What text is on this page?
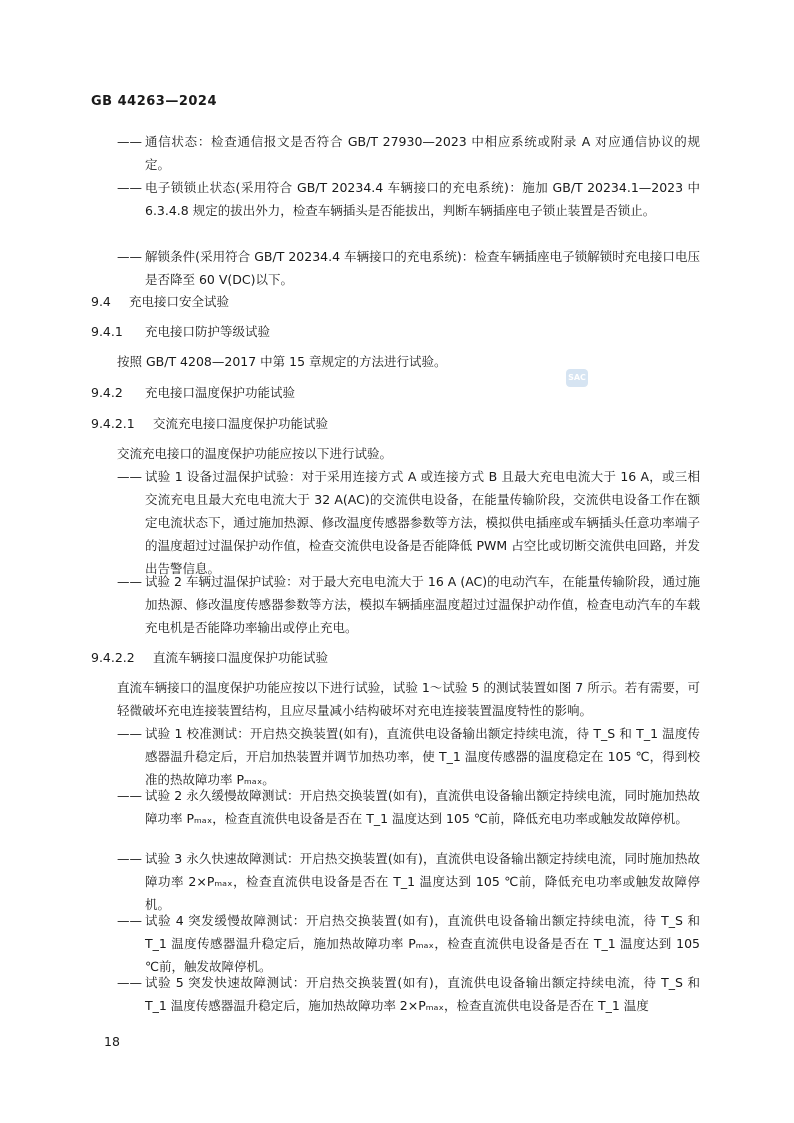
GB 44263—2024
—— 通信状态：检查通信报文是否符合 GB/T 27930—2023 中相应系统或附录 A 对应通信协议的规定。
—— 电子锁锁止状态(采用符合 GB/T 20234.4 车辆接口的充电系统)：施加 GB/T 20234.1—2023 中 6.3.4.8 规定的拔出外力，检查车辆插头是否能拔出，判断车辆插座电子锁止装置是否锁止。
—— 解锁条件(采用符合 GB/T 20234.4 车辆接口的充电系统)：检查车辆插座电子锁解锁时充电接口电压是否降至 60 V(DC)以下。
9.4 充电接口安全试验
9.4.1 充电接口防护等级试验
按照 GB/T 4208—2017 中第 15 章规定的方法进行试验。
SAC
9.4.2 充电接口温度保护功能试验
9.4.2.1 交流充电接口温度保护功能试验
交流充电接口的温度保护功能应按以下进行试验。
—— 试验 1 设备过温保护试验：对于采用连接方式 A 或连接方式 B 且最大充电电流大于 16 A，或三相交流充电且最大充电电流大于 32 A(AC)的交流供电设备，在能量传输阶段，交流供电设备工作在额定电流状态下，通过施加热源、修改温度传感器参数等方法，模拟供电插座或车辆插头任意功率端子的温度超过过温保护动作值，检查交流供电设备是否能降低 PWM 占空比或切断交流供电回路，并发出告警信息。
—— 试验 2 车辆过温保护试验：对于最大充电电流大于 16 A (AC)的电动汽车，在能量传输阶段，通过施加热源、修改温度传感器参数等方法，模拟车辆插座温度超过过温保护动作值，检查电动汽车的车载充电机是否能降功率输出或停止充电。
9.4.2.2 直流车辆接口温度保护功能试验
直流车辆接口的温度保护功能应按以下进行试验，试验 1～试验 5 的测试装置如图 7 所示。若有需要，可轻微破坏充电连接装置结构，且应尽量减小结构破坏对充电连接装置温度特性的影响。
—— 试验 1 校准测试：开启热交换装置(如有)，直流供电设备输出额定持续电流，待 T_S 和 T_1 温度传感器温升稳定后，开启加热装置并调节加热功率，使 T_1 温度传感器的温度稳定在 105 ℃，得到校准的热故障功率 Pₘₐₓ。
—— 试验 2 永久缓慢故障测试：开启热交换装置(如有)，直流供电设备输出额定持续电流，同时施加热故障功率 Pₘₐₓ，检查直流供电设备是否在 T_1 温度达到 105 ℃前，降低充电功率或触发故障停机。
—— 试验 3 永久快速故障测试：开启热交换装置(如有)，直流供电设备输出额定持续电流，同时施加热故障功率 2×Pₘₐₓ，检查直流供电设备是否在 T_1 温度达到 105 ℃前，降低充电功率或触发故障停机。
—— 试验 4 突发缓慢故障测试：开启热交换装置(如有)，直流供电设备输出额定持续电流，待 T_S 和 T_1 温度传感器温升稳定后，施加热故障功率 Pₘₐₓ，检查直流供电设备是否在 T_1 温度达到 105 ℃前，触发故障停机。
—— 试验 5 突发快速故障测试：开启热交换装置(如有)，直流供电设备输出额定持续电流，待 T_S 和 T_1 温度传感器温升稳定后，施加热故障功率 2×Pₘₐₓ，检查直流供电设备是否在 T_1 温度
18
